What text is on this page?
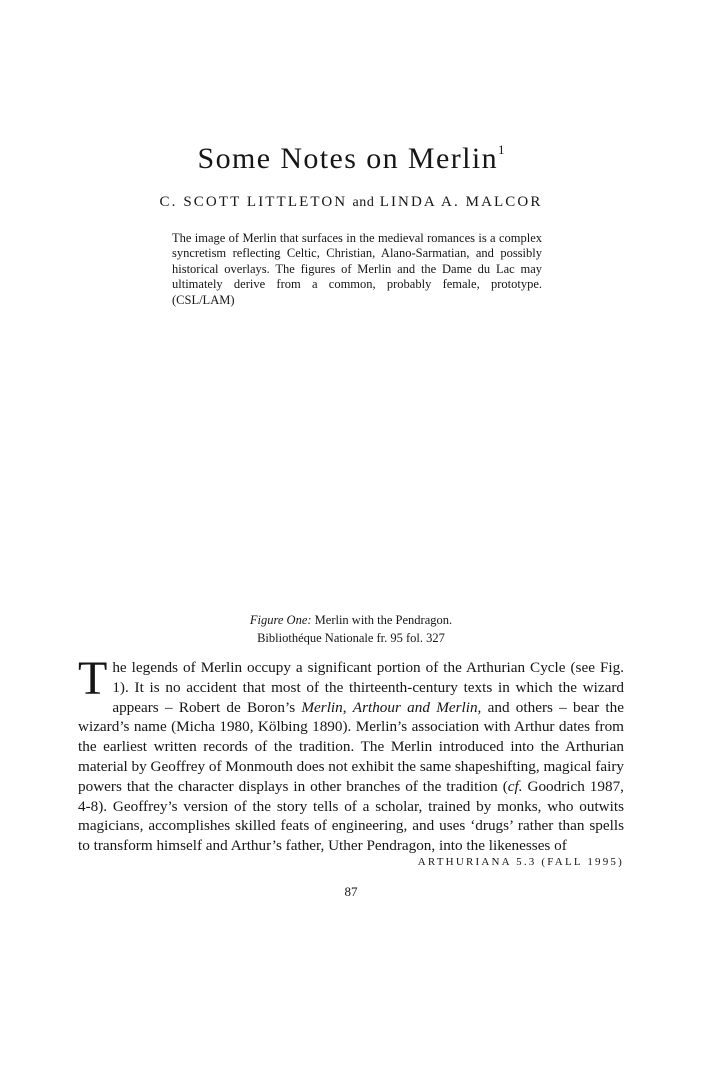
Some Notes on Merlin$^1$
C. SCOTT LITTLETON and LINDA A. MALCOR

The image of Merlin that surfaces in the medieval romances is a complex syncretism reflecting Celtic, Christian, Alano-Sarmatian, and possibly historical overlays. The figures of Merlin and the Dame du Lac may ultimately derive from a common, probably female, prototype. (CSL/LAM)

Figure One: Merlin with the Pendragon.
Bibliothéque Nationale fr. 95 fol. 327

The legends of Merlin occupy a significant portion of the Arthurian Cycle (see Fig. 1). It is no accident that most of the thirteenth-century texts in which the wizard appears – Robert de Boron’s Merlin, Arthour and Merlin, and others – bear the wizard’s name (Micha 1980, Kölbing 1890). Merlin’s association with Arthur dates from the earliest written records of the tradition. The Merlin introduced into the Arthurian material by Geoffrey of Monmouth does not exhibit the same shapeshifting, magical fairy powers that the character displays in other branches of the tradition (cf. Goodrich 1987, 4-8). Geoffrey’s version of the story tells of a scholar, trained by monks, who outwits magicians, accomplishes skilled feats of engineering, and uses ‘drugs’ rather than spells to transform himself and Arthur’s father, Uther Pendragon, into the likenesses of

ARTHURIANA 5.3 (FALL 1995)
87
